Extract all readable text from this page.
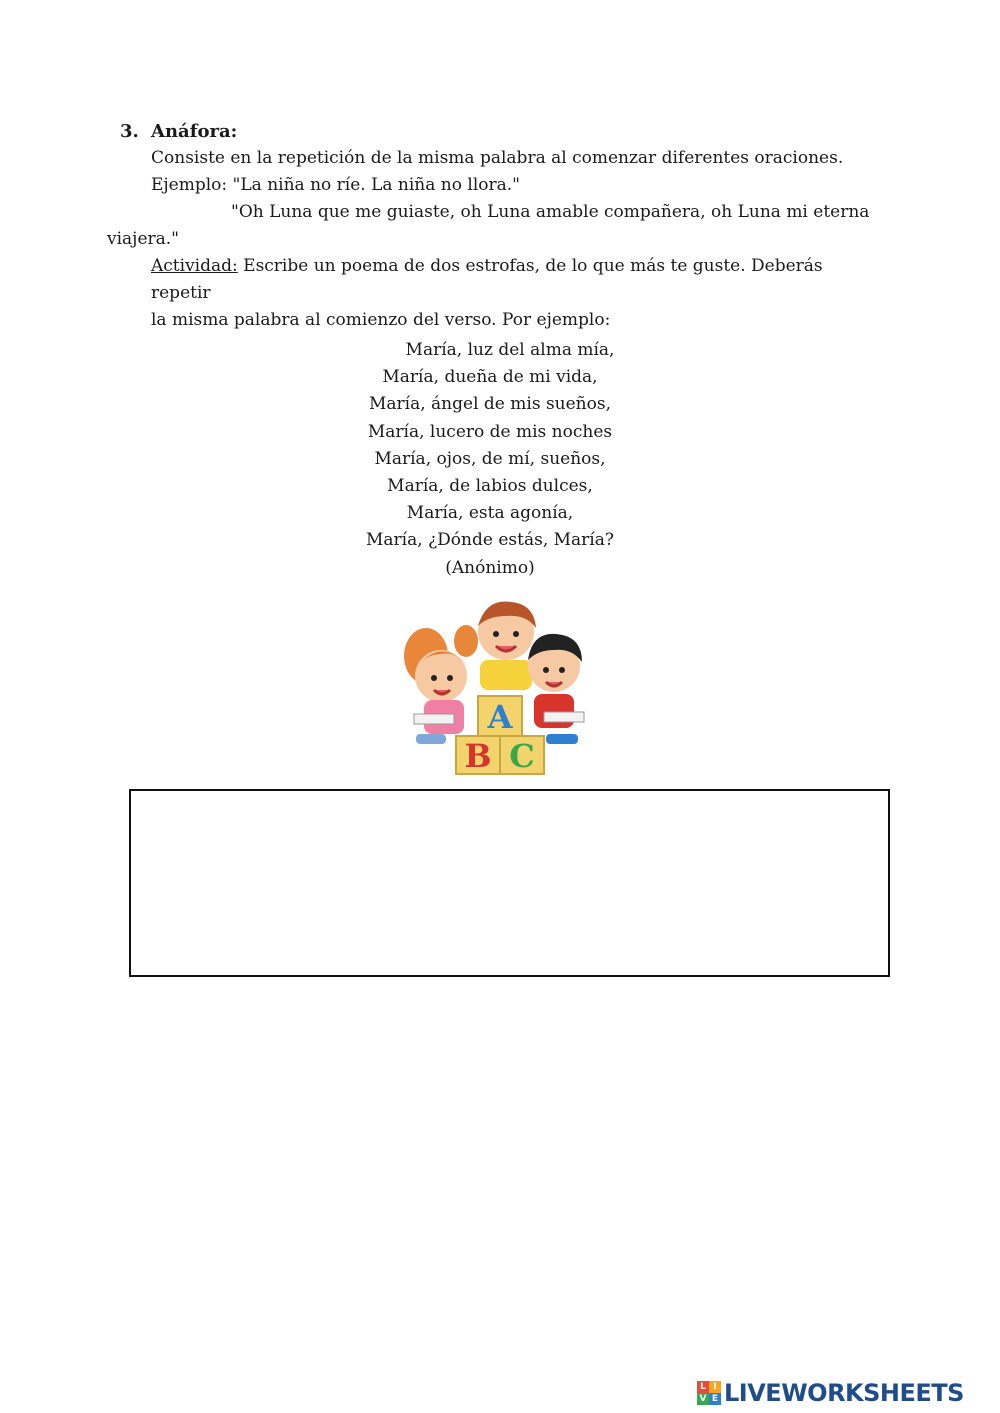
3. Anáfora:
Consiste en la repetición de la misma palabra al comenzar diferentes oraciones.
Ejemplo: "La niña no ríe. La niña no llora."
"Oh Luna que me guiaste, oh Luna amable compañera, oh Luna mi eterna
viajera."
Actividad: Escribe un poema de dos estrofas, de lo que más te guste. Deberás repetir
la misma palabra al comienzo del verso. Por ejemplo:
María, luz del alma mía,
María, dueña de mi vida,
María, ángel de mis sueños,
María, lucero de mis noches
María, ojos, de mí, sueños,
María, de labios dulces,
María, esta agonía,
María, ¿Dónde estás, María?
(Anónimo)
A
B C
L I
V E LIVEWORKSHEETS
